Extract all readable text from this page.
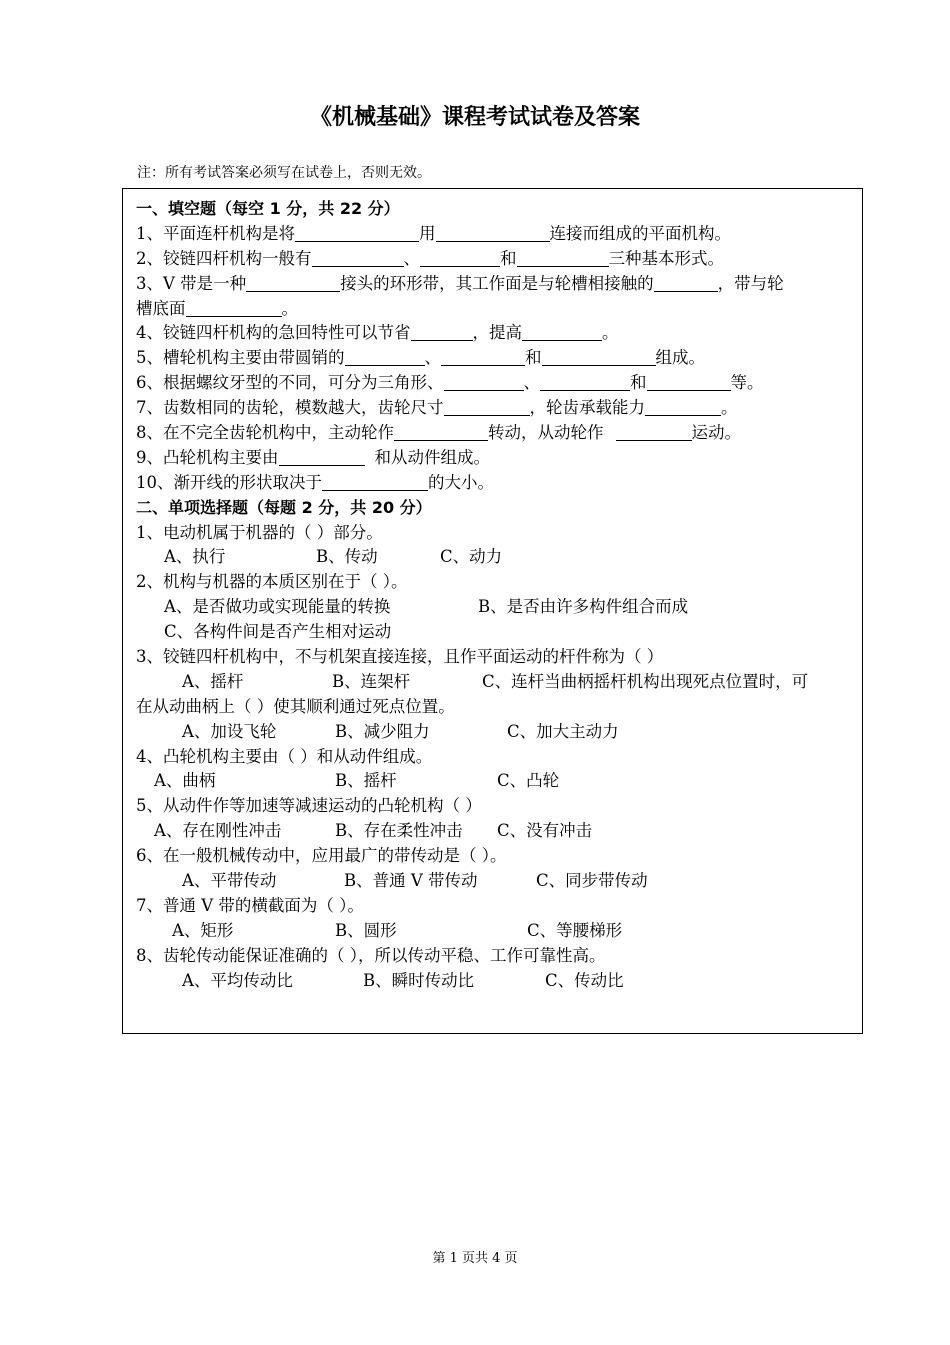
《机械基础》课程考试试卷及答案
注：所有考试答案必须写在试卷上，否则无效。
一、填空题（每空 1 分，共 22 分）
1、平面连杆机构是将	用	连接而组成的平面机构。
2、铰链四杆机构一般有	、	和	三种基本形式。
3、V 带是一种	接头的环形带，其工作面是与轮槽相接触的	，带与轮
槽底面	。
4、铰链四杆机构的急回特性可以节省	，提高	。
5、槽轮机构主要由带圆销的	、	和	组成。
6、根据螺纹牙型的不同，可分为三角形、	、	和	等。
7、齿数相同的齿轮，模数越大，齿轮尺寸	，轮齿承载能力	。
8、在不完全齿轮机构中，主动轮作	转动，从动轮作	运动。
9、凸轮机构主要由	和从动件组成。
10、渐开线的形状取决于	的大小。
二、单项选择题（每题 2 分，共 20 分）
1、电动机属于机器的（ ）部分。
A、执行	B、传动	C、动力
2、机构与机器的本质区别在于（ ）。
A、是否做功或实现能量的转换	B、是否由许多构件组合而成
C、各构件间是否产生相对运动
3、铰链四杆机构中，不与机架直接连接，且作平面运动的杆件称为（ ）
A、摇杆	B、连架杆	C、连杆当曲柄摇杆机构出现死点位置时，可
在从动曲柄上（ ）使其顺利通过死点位置。
A、加设飞轮	B、减少阻力	C、加大主动力
4、凸轮机构主要由（ ）和从动件组成。
A、曲柄	B、摇杆	C、凸轮
5、从动件作等加速等减速运动的凸轮机构（ ）
A、存在刚性冲击	B、存在柔性冲击 C、没有冲击
6、在一般机械传动中，应用最广的带传动是（ ）。
A、平带传动	B、普通 V 带传动	C、同步带传动
7、普通 V 带的横截面为（ ）。
A、矩形	B、圆形	C、等腰梯形
8、齿轮传动能保证准确的（ ），所以传动平稳、工作可靠性高。
A、平均传动比	B、瞬时传动比	C、传动比
第 1 页共 4 页
